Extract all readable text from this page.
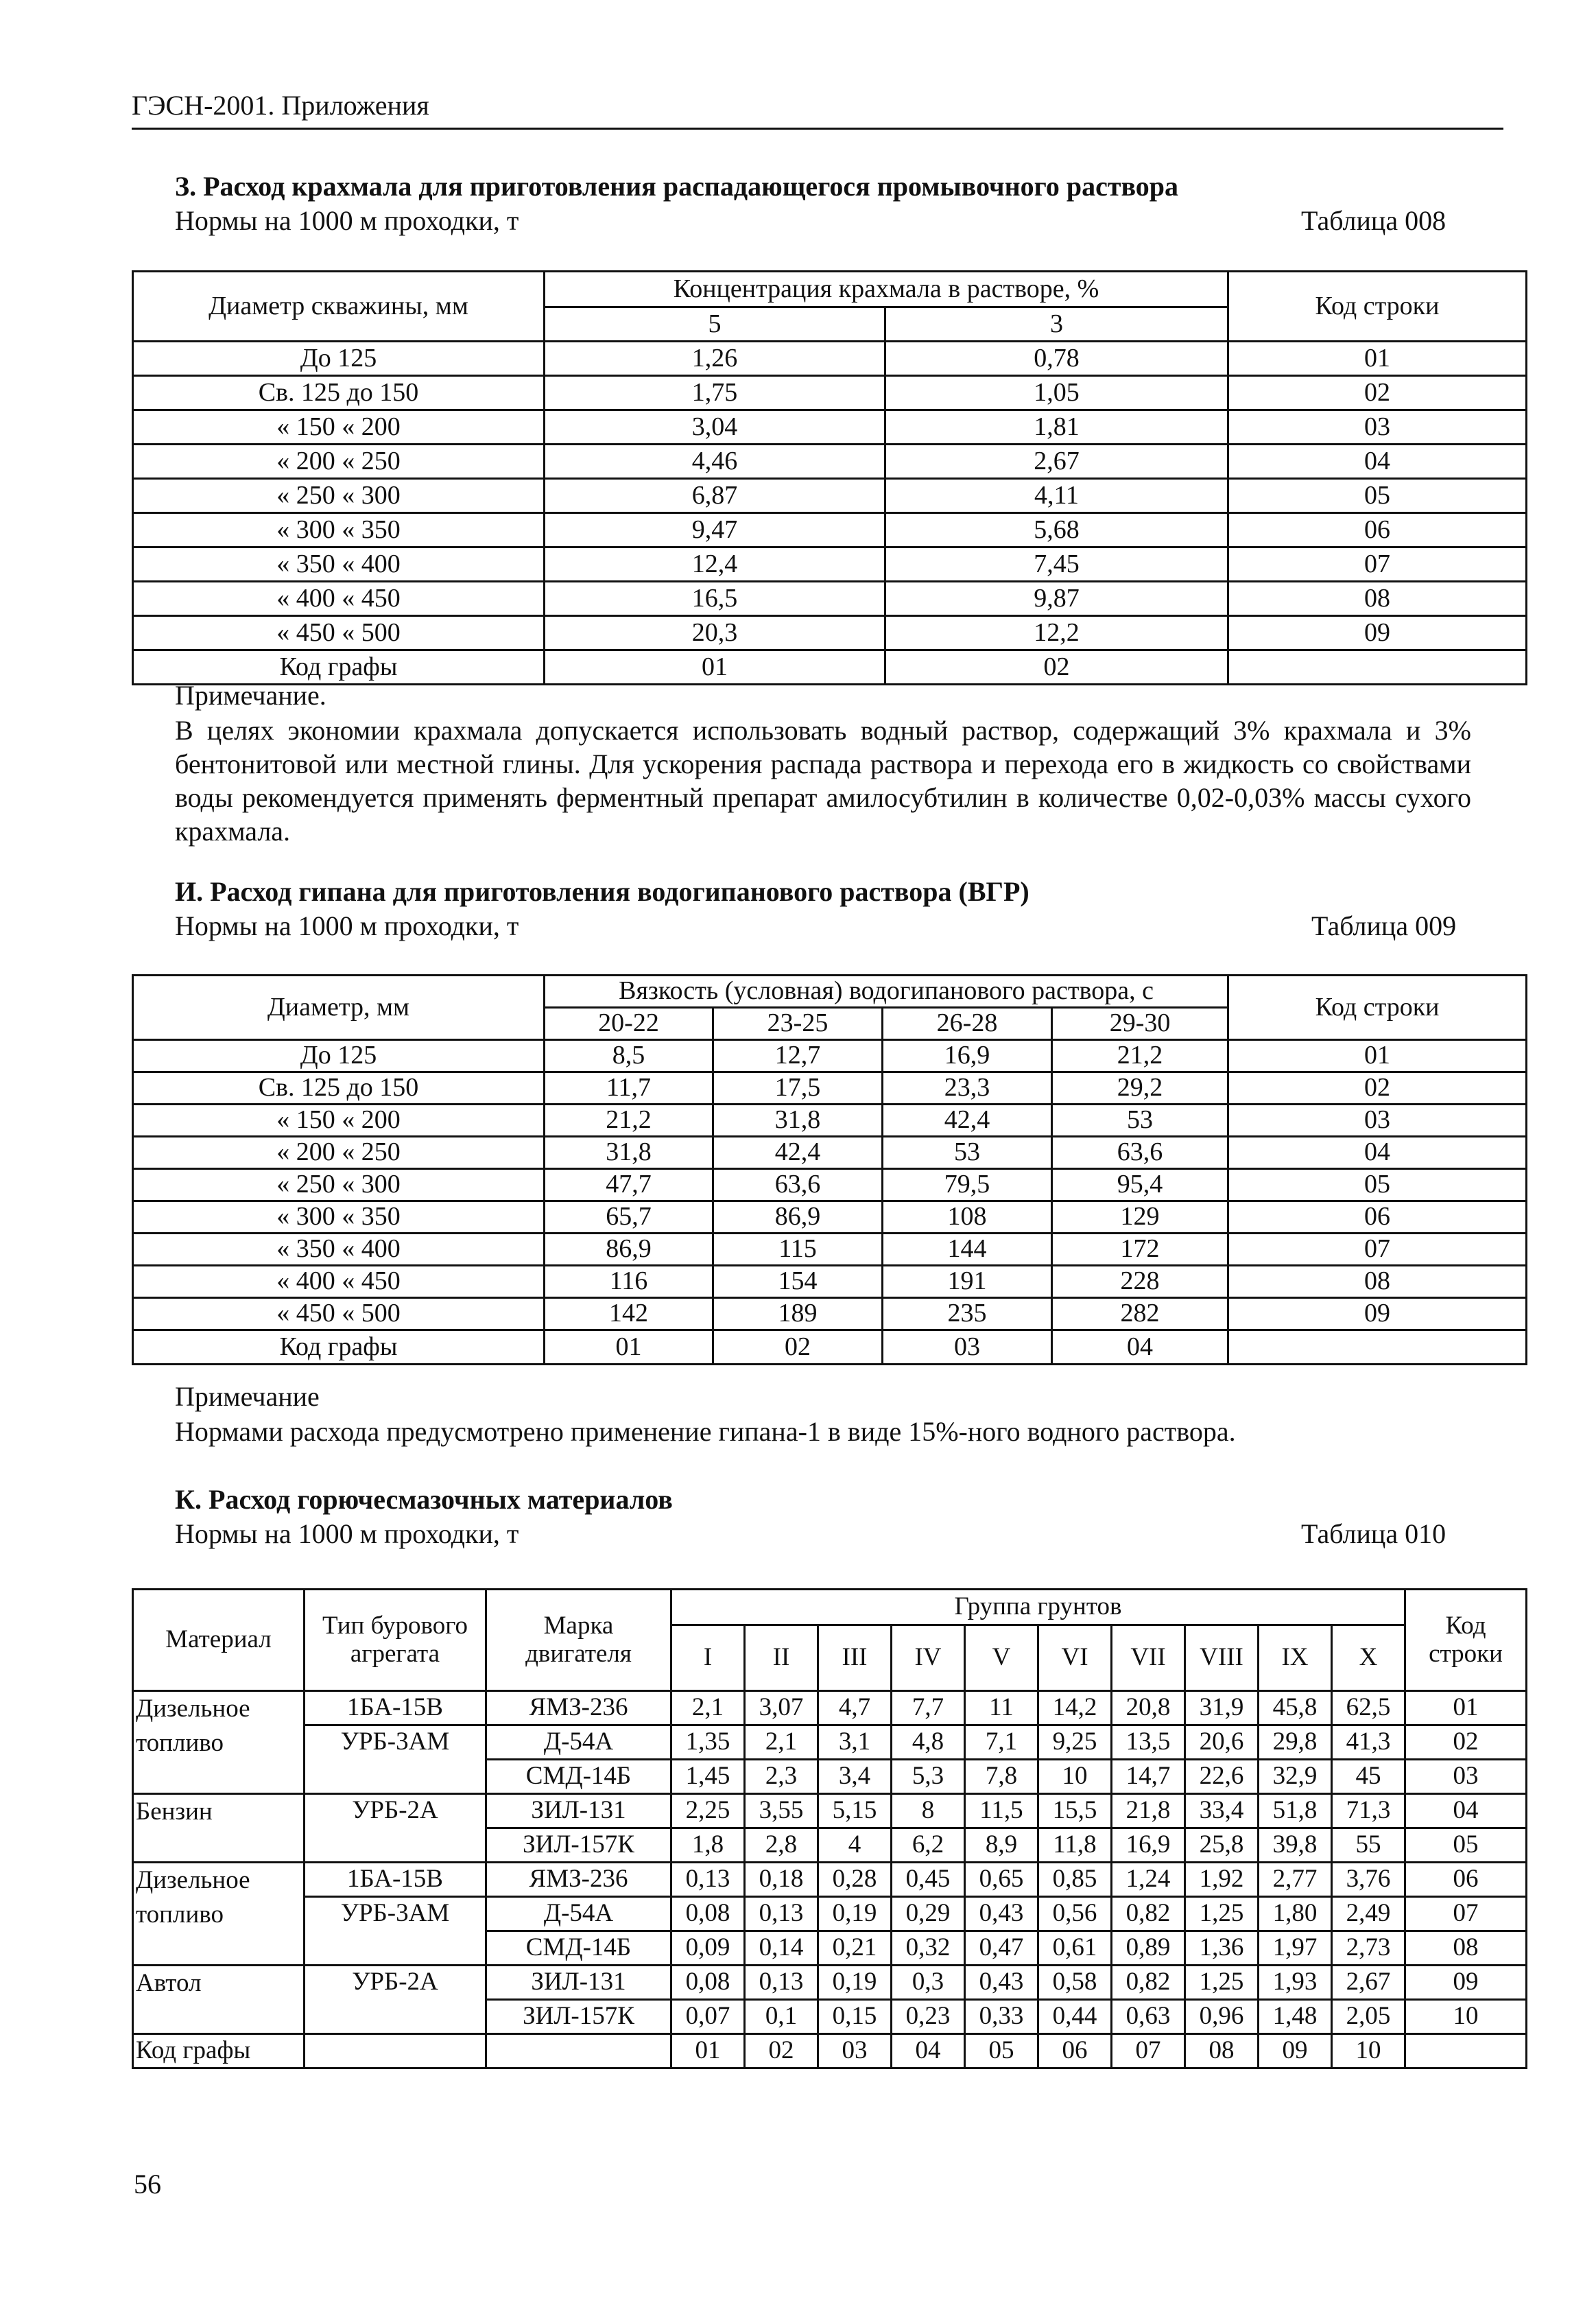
ГЭСН-2001. Приложения
З. Расход крахмала для приготовления распадающегося промывочного раствора
Нормы на 1000 м проходки, т	Таблица 008
Диаметр скважины, мм	Концентрация крахмала в растворе, %		Код строки
	5	3	
До 125	1,26	0,78	01
Св. 125 до 150	1,75	1,05	02
« 150 « 200	3,04	1,81	03
« 200 « 250	4,46	2,67	04
« 250 « 300	6,87	4,11	05
« 300 « 350	9,47	5,68	06
« 350 « 400	12,4	7,45	07
« 400 « 450	16,5	9,87	08
« 450 « 500	20,3	12,2	09
Код графы	01	02	
Примечание.
В целях экономии крахмала допускается использовать водный раствор, содержащий 3% крахмала и 3% бентонитовой или местной глины. Для ускорения распада раствора и перехода его в жидкость со свойствами воды рекомендуется применять ферментный препарат амилосубтилин в количестве 0,02-0,03% массы сухого крахмала.
И. Расход гипана для приготовления водогипанового раствора (ВГР)
Нормы на 1000 м проходки, т	Таблица 009
Диаметр, мм	Вязкость (условная) водогипанового раствора, с				Код строки
	20-22	23-25	26-28	29-30	
До 125	8,5	12,7	16,9	21,2	01
Св. 125 до 150	11,7	17,5	23,3	29,2	02
« 150 « 200	21,2	31,8	42,4	53	03
« 200 « 250	31,8	42,4	53	63,6	04
« 250 « 300	47,7	63,6	79,5	95,4	05
« 300 « 350	65,7	86,9	108	129	06
« 350 « 400	86,9	115	144	172	07
« 400 « 450	116	154	191	228	08
« 450 « 500	142	189	235	282	09
Код графы	01	02	03	04	
Примечание
Нормами расхода предусмотрено применение гипана-1 в виде 15%-ного водного раствора.
К. Расход горючесмазочных материалов
Нормы на 1000 м проходки, т	Таблица 010
Материал	Тип бурового агрегата	Марка двигателя	Группа грунтов										Код строки
			I	II	III	IV	V	VI	VII	VIII	IX	X	
Дизельное топливо	1БА-15В	ЯМЗ-236	2,1	3,07	4,7	7,7	11	14,2	20,8	31,9	45,8	62,5	01
	УРБ-3АМ	Д-54А	1,35	2,1	3,1	4,8	7,1	9,25	13,5	20,6	29,8	41,3	02
		СМД-14Б	1,45	2,3	3,4	5,3	7,8	10	14,7	22,6	32,9	45	03
Бензин	УРБ-2А	ЗИЛ-131	2,25	3,55	5,15	8	11,5	15,5	21,8	33,4	51,8	71,3	04
		ЗИЛ-157К	1,8	2,8	4	6,2	8,9	11,8	16,9	25,8	39,8	55	05
Дизельное топливо	1БА-15В	ЯМЗ-236	0,13	0,18	0,28	0,45	0,65	0,85	1,24	1,92	2,77	3,76	06
	УРБ-3АМ	Д-54А	0,08	0,13	0,19	0,29	0,43	0,56	0,82	1,25	1,80	2,49	07
		СМД-14Б	0,09	0,14	0,21	0,32	0,47	0,61	0,89	1,36	1,97	2,73	08
Автол	УРБ-2А	ЗИЛ-131	0,08	0,13	0,19	0,3	0,43	0,58	0,82	1,25	1,93	2,67	09
		ЗИЛ-157К	0,07	0,1	0,15	0,23	0,33	0,44	0,63	0,96	1,48	2,05	10
Код графы			01	02	03	04	05	06	07	08	09	10	
56
